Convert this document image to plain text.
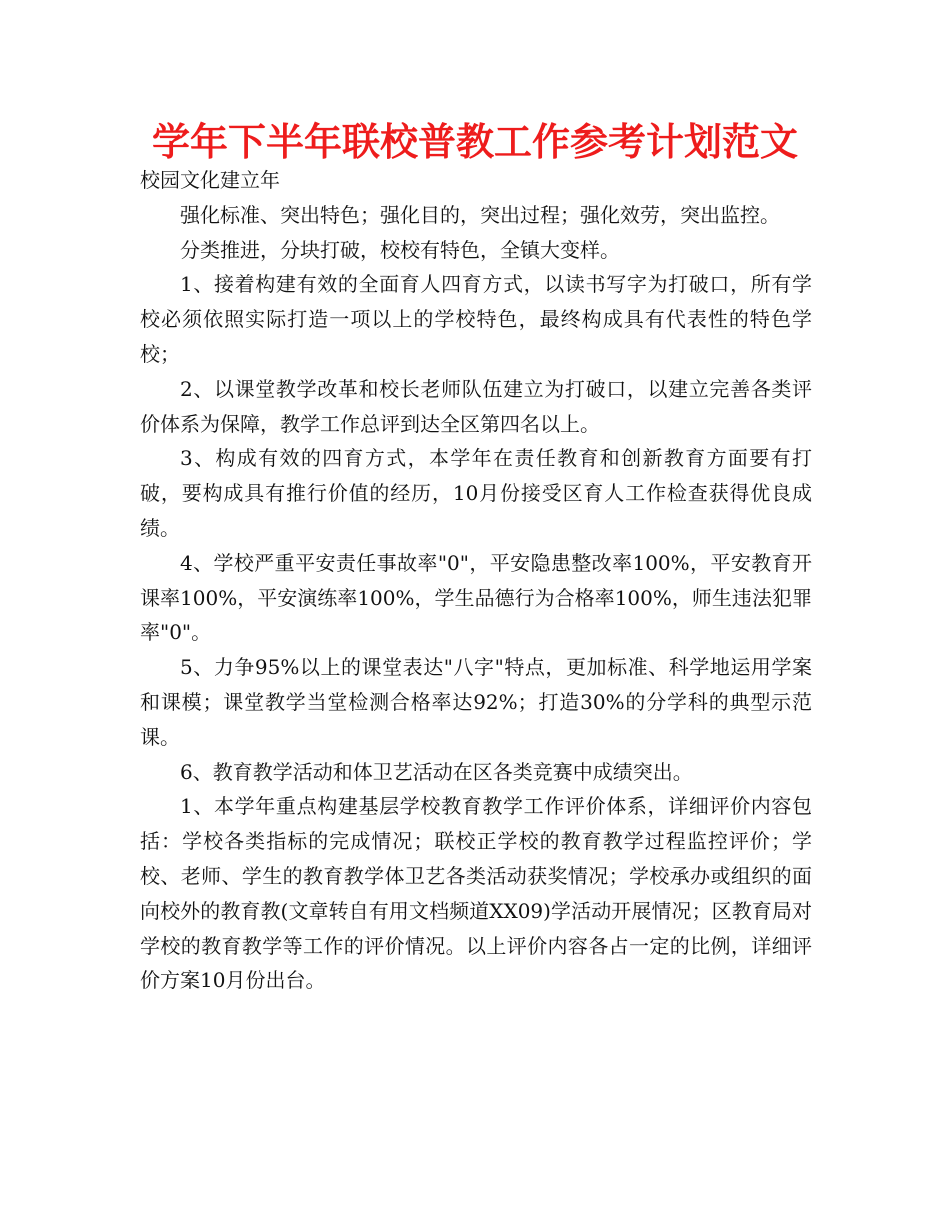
学年下半年联校普教工作参考计划范文

校园文化建立年

强化标准、突出特色；强化目的，突出过程；强化效劳，突出监控。

分类推进，分块打破，校校有特色，全镇大变样。

1、接着构建有效的全面育人四育方式，以读书写字为打破口，所有学校必须依照实际打造一项以上的学校特色，最终构成具有代表性的特色学校；

2、以课堂教学改革和校长老师队伍建立为打破口，以建立完善各类评价体系为保障，教学工作总评到达全区第四名以上。

3、构成有效的四育方式，本学年在责任教育和创新教育方面要有打破，要构成具有推行价值的经历，10月份接受区育人工作检查获得优良成绩。

4、学校严重平安责任事故率"0"，平安隐患整改率100%，平安教育开课率100%，平安演练率100%，学生品德行为合格率100%，师生违法犯罪率"0"。

5、力争95%以上的课堂表达"八字"特点，更加标准、科学地运用学案和课模；课堂教学当堂检测合格率达92%；打造30%的分学科的典型示范课。

6、教育教学活动和体卫艺活动在区各类竞赛中成绩突出。

1、本学年重点构建基层学校教育教学工作评价体系，详细评价内容包括：学校各类指标的完成情况；联校正学校的教育教学过程监控评价；学校、老师、学生的教育教学体卫艺各类活动获奖情况；学校承办或组织的面向校外的教育教(文章转自有用文档频道XX09)学活动开展情况；区教育局对学校的教育教学等工作的评价情况。以上评价内容各占一定的比例，详细评价方案10月份出台。
